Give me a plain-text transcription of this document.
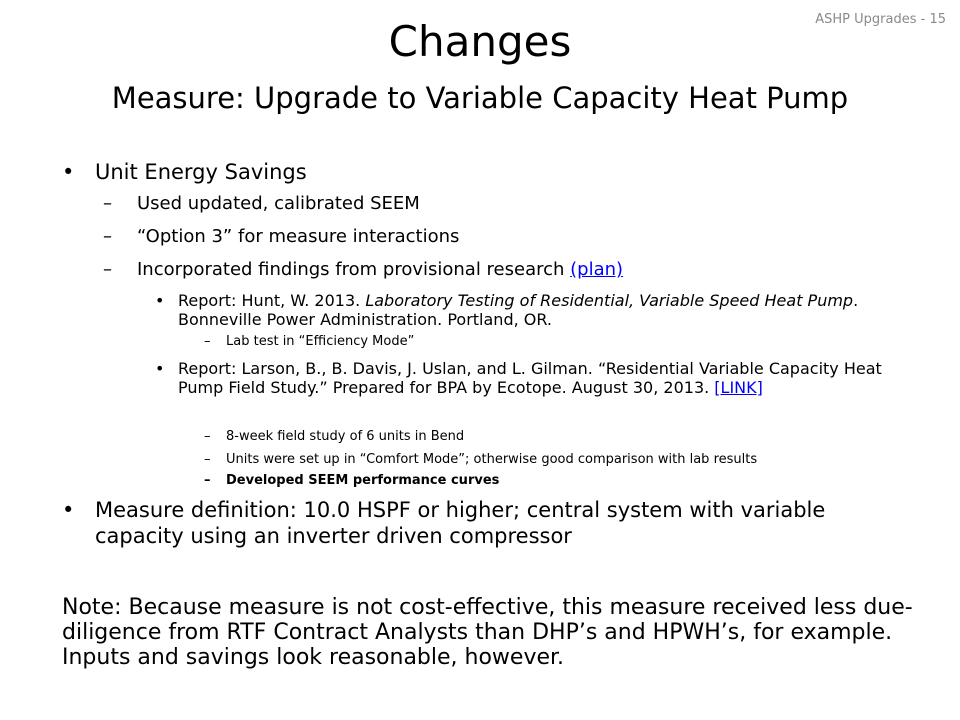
ASHP Upgrades - 15
Changes
Measure: Upgrade to Variable Capacity Heat Pump
• Unit Energy Savings
– Used updated, calibrated SEEM
– “Option 3” for measure interactions
– Incorporated findings from provisional research (plan)
• Report: Hunt, W. 2013. Laboratory Testing of Residential, Variable Speed Heat Pump. Bonneville Power Administration. Portland, OR.
– Lab test in “Efficiency Mode”
• Report: Larson, B., B. Davis, J. Uslan, and L. Gilman. “Residential Variable Capacity Heat Pump Field Study.” Prepared for BPA by Ecotope. August 30, 2013. [LINK]
– 8-week field study of 6 units in Bend
– Units were set up in “Comfort Mode”; otherwise good comparison with lab results
– Developed SEEM performance curves
• Measure definition: 10.0 HSPF or higher; central system with variable capacity using an inverter driven compressor
Note: Because measure is not cost-effective, this measure received less due-diligence from RTF Contract Analysts than DHP’s and HPWH’s, for example. Inputs and savings look reasonable, however.
